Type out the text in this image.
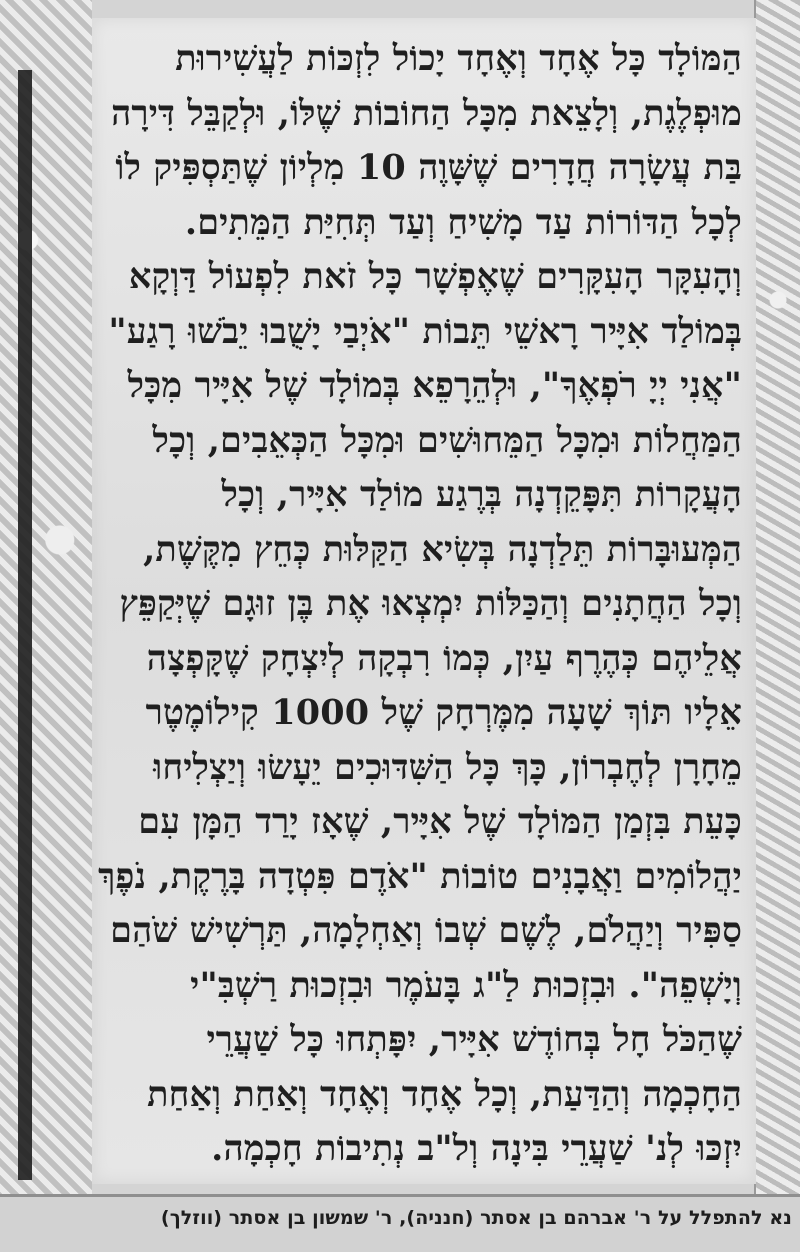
הַמּוֹלָד כָּל אֶחָד וְאֶחָד יָכוֹל לִזְכּוֹת לַעֲשִׁירוּת
מוּפְלֶגֶת, וְלָצֵאת מִכָּל הַחוֹבוֹת שֶׁלּוֹ, וּלְקַבֵּל דִּירָה
בַּת עֲשָׂרָה חֲדָרִים שֶׁשָּׁוֶה 10 מִלְיוֹן שֶׁתַּסְפִּיק לוֹ
לְכָל הַדּוֹרוֹת עַד מָשִׁיחַ וְעַד תְּחִיַּת הַמֵּתִים.
וְהָעִקָּר הָעִקָּרִים שֶׁאֶפְשָׁר כָּל זֹאת לִפְעוֹל דַּוְקָא
בְּמוֹלַד אִיָּיר רָאשֵׁי תֵּבוֹת "אֹיְבַי יָשֻׁבוּ יֵבֹשׁוּ רָגַע"
"אֲנִי יְיָ רֹפְאֶךָ", וּלְהֵרָפֵא בְּמוֹלָד שֶׁל אִיָּיר מִכָּל
הַמַּחֲלוֹת וּמִכָּל הַמֵּחוּשִׁים וּמִכָּל הַכְּאֵבִים, וְכָל
הָעֲקָרוֹת תִּפָּקֵדְנָה בְּרֶגַע מוֹלַד אִיָּיר, וְכָל
הַמְּעוּבָּרוֹת תֵּלַדְנָה בְּשִׂיא הַקַּלּוּת כְּחֵץ מִקֶּשֶׁת,
וְכָל הַחֲתָנִים וְהַכַּלּוֹת יִמְצְאוּ אֶת בֶּן זוּגָם שֶׁיְּקַפֵּץ
אֲלֵיהֶם כְּהֶרֶף עַיִן, כְּמוֹ רִבְקָה לְיִצְחָק שֶׁקָּפְצָה
אֵלָיו תּוֹךְ שָׁעָה מִמֶּרְחָק שֶׁל 1000 קִילוֹמֶטֶר
מֵחָרָן לְחֶבְרוֹן, כָּךְ כָּל הַשִּׁדּוּכִים יֵעָשׂוּ וְיַצְלִיחוּ
כָּעֵת בִּזְמַן הַמּוֹלָד שֶׁל אִיָּיר, שֶׁאָז יָרַד הַמָּן עִם
יַהֲלוֹמִים וַאֲבָנִים טוֹבוֹת "אֹדֶם פִּטְדָה בָּרֶקֶת, נֹפֶךְ
סַפִּיר וְיַהֲלֹם, לֶשֶׁם שְׁבוֹ וְאַחְלָמָה, תַּרְשִׁישׁ שֹׁהַם
וְיָשְׁפֵה". וּבִזְכוּת לַ"ג בָּעֹמֶר וּבִזְכוּת רַשְׁבִּ"י
שֶׁהַכֹּל חָל בְּחוֹדֶשׁ אִיָּיר, יִפָּתְחוּ כָּל שַׁעֲרֵי
הַחָכְמָה וְהַדַּעַת, וְכָל אֶחָד וְאֶחָד וְאַחַת וְאַחַת
יִזְכּוּ לְנ' שַׁעֲרֵי בִּינָה וְל"ב נְתִיבוֹת חָכְמָה.
נא להתפלל על ר' אברהם בן אסתר (חנניה), ר' שמשון בן אסתר (ווזלך)
